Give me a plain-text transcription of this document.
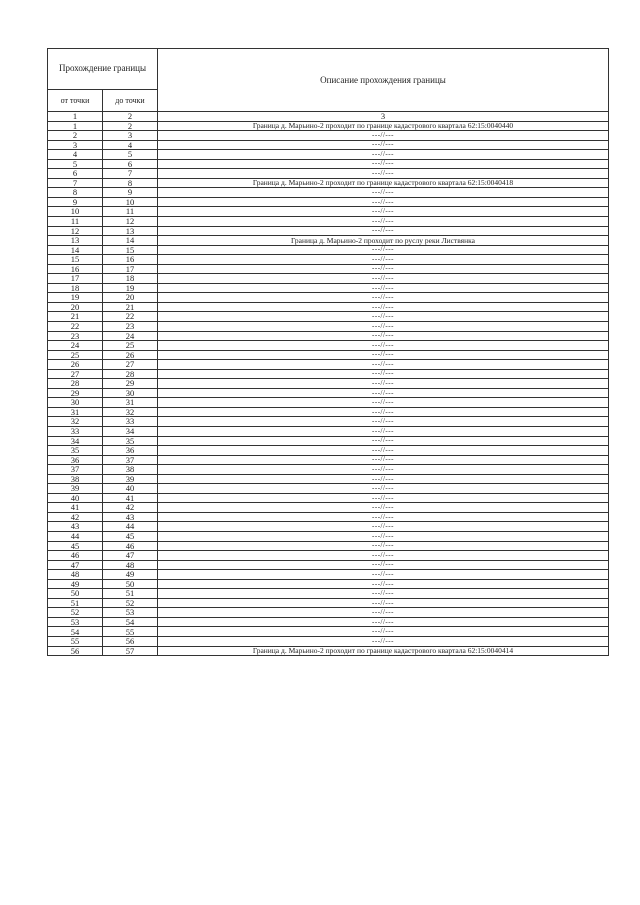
Прохождение границы		Описание прохождения границы
от точки	до точки	
1	2	3
1	2	Граница д. Марьино-2 проходит по границе кадастрового квартала 62:15:0040440
2	3	---//---
3	4	---//---
4	5	---//---
5	6	---//---
6	7	---//---
7	8	Граница д. Марьино-2 проходит по границе кадастрового квартала 62:15:0040418
8	9	---//---
9	10	---//---
10	11	---//---
11	12	---//---
12	13	---//---
13	14	Граница д. Марьино-2 проходит по руслу реки Листвянка
14	15	---//---
15	16	---//---
16	17	---//---
17	18	---//---
18	19	---//---
19	20	---//---
20	21	---//---
21	22	---//---
22	23	---//---
23	24	---//---
24	25	---//---
25	26	---//---
26	27	---//---
27	28	---//---
28	29	---//---
29	30	---//---
30	31	---//---
31	32	---//---
32	33	---//---
33	34	---//---
34	35	---//---
35	36	---//---
36	37	---//---
37	38	---//---
38	39	---//---
39	40	---//---
40	41	---//---
41	42	---//---
42	43	---//---
43	44	---//---
44	45	---//---
45	46	---//---
46	47	---//---
47	48	---//---
48	49	---//---
49	50	---//---
50	51	---//---
51	52	---//---
52	53	---//---
53	54	---//---
54	55	---//---
55	56	---//---
56	57	Граница д. Марьино-2 проходит по границе кадастрового квартала 62:15:0040414
